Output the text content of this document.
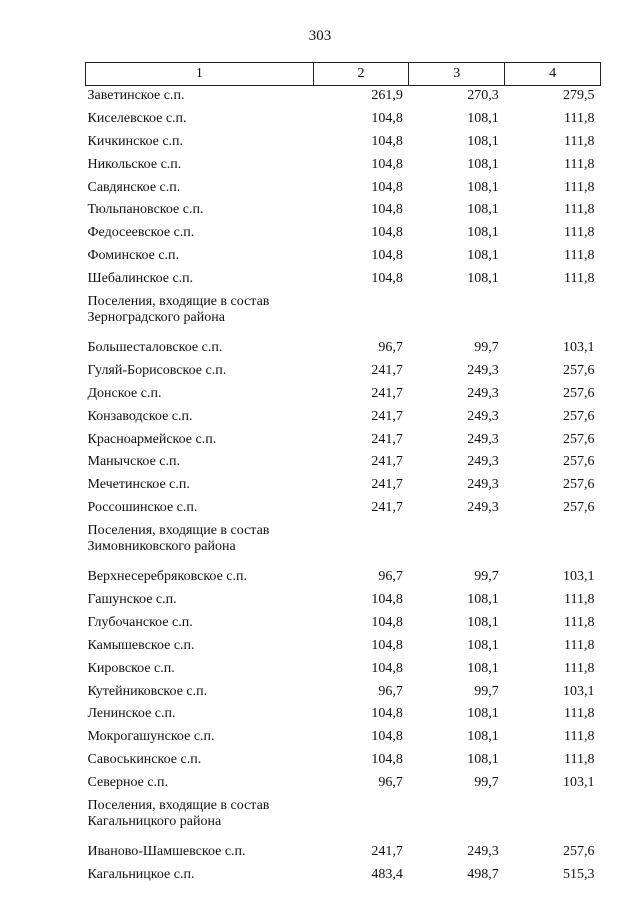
303
1	2	3	4
Заветинское с.п.	261,9	270,3	279,5
Киселевское с.п.	104,8	108,1	111,8
Кичкинское с.п.	104,8	108,1	111,8
Никольское с.п.	104,8	108,1	111,8
Савдянское с.п.	104,8	108,1	111,8
Тюльпановское с.п.	104,8	108,1	111,8
Федосеевское с.п.	104,8	108,1	111,8
Фоминское с.п.	104,8	108,1	111,8
Шебалинское с.п.	104,8	108,1	111,8

Поселения, входящие в состав
Зерноградского района			

Большесталовское с.п.	96,7	99,7	103,1
Гуляй-Борисовское с.п.	241,7	249,3	257,6
Донское с.п.	241,7	249,3	257,6
Конзаводское с.п.	241,7	249,3	257,6
Красноармейское с.п.	241,7	249,3	257,6
Манычское с.п.	241,7	249,3	257,6
Мечетинское с.п.	241,7	249,3	257,6
Россошинское с.п.	241,7	249,3	257,6

Поселения, входящие в состав
Зимовниковского района			

Верхнесеребряковское с.п.	96,7	99,7	103,1
Гашунское с.п.	104,8	108,1	111,8
Глубочанское с.п.	104,8	108,1	111,8
Камышевское с.п.	104,8	108,1	111,8
Кировское с.п.	104,8	108,1	111,8
Кутейниковское с.п.	96,7	99,7	103,1
Ленинское с.п.	104,8	108,1	111,8
Мокрогашунское с.п.	104,8	108,1	111,8
Савоськинское с.п.	104,8	108,1	111,8
Северное с.п.	96,7	99,7	103,1

Поселения, входящие в состав
Кагальницкого района			

Иваново-Шамшевское с.п.	241,7	249,3	257,6
Кагальницкое с.п.	483,4	498,7	515,3
